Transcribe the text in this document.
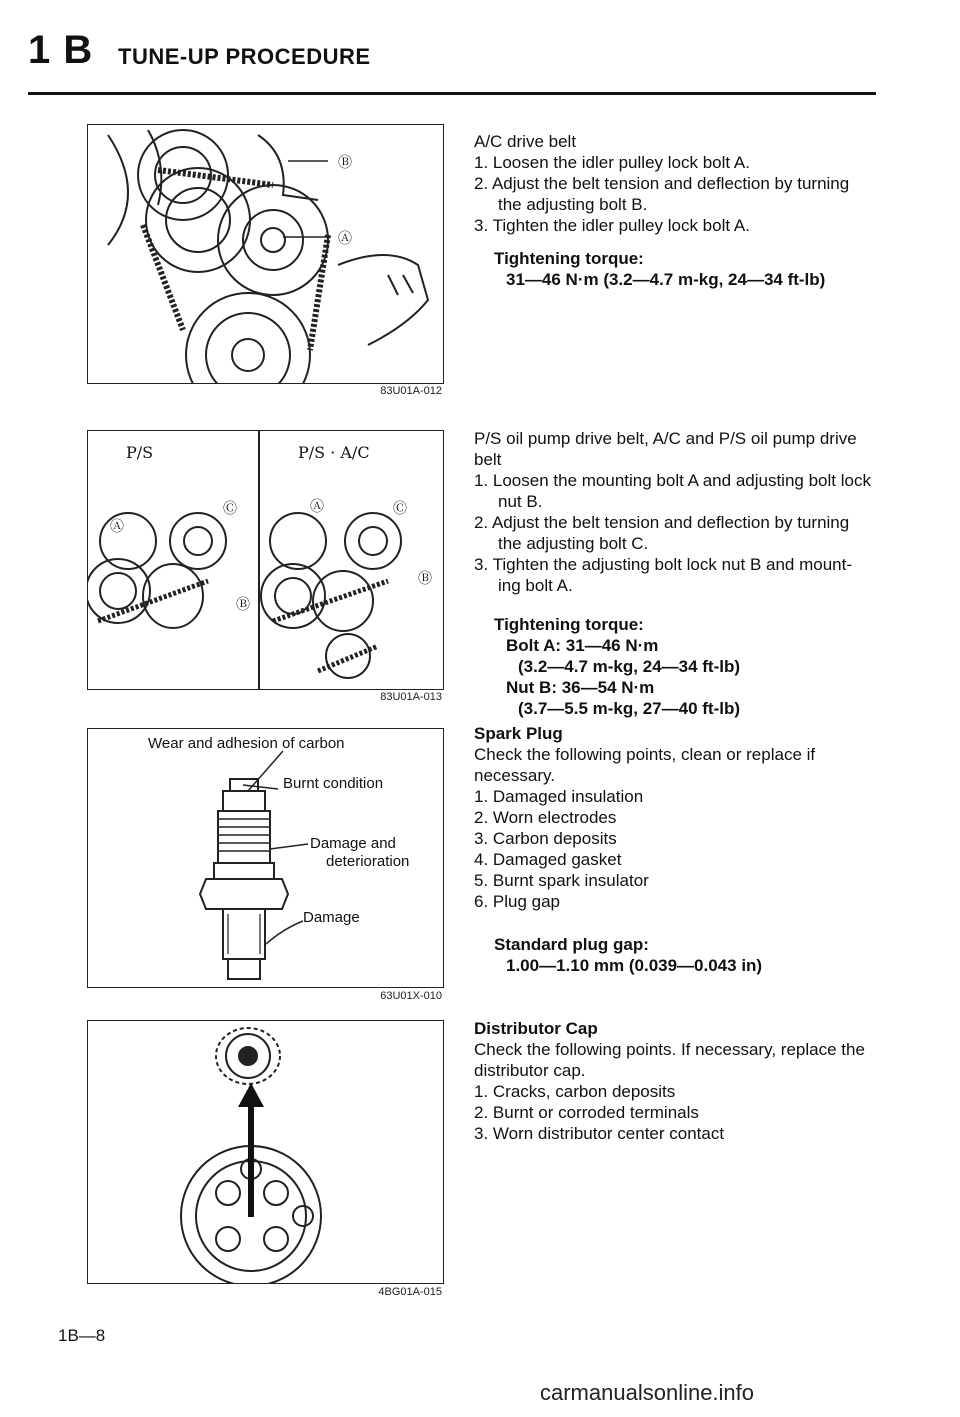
1 B TUNE-UP PROCEDURE
Ⓑ
Ⓐ
83U01A-012
P/S	P/S · A/C
Ⓐ
Ⓒ
Ⓑ
Ⓐ	Ⓒ
Ⓑ
83U01A-013
Wear and adhesion of carbon
Burnt condition
Damage and
deterioration
Damage
63U01X-010
4BG01A-015
A/C drive belt
1. Loosen the idler pulley lock bolt A.
2. Adjust the belt tension and deflection by turning
the adjusting bolt B.
3. Tighten the idler pulley lock bolt A.
Tightening torque:
31—46 N·m (3.2—4.7 m-kg, 24—34 ft-lb)
P/S oil pump drive belt, A/C and P/S oil pump drive
belt
1. Loosen the mounting bolt A and adjusting bolt lock
nut B.
2. Adjust the belt tension and deflection by turning
the adjusting bolt C.
3. Tighten the adjusting bolt lock nut B and mount-
ing bolt A.
Tightening torque:
Bolt A: 31—46 N·m
(3.2—4.7 m-kg, 24—34 ft-lb)
Nut B: 36—54 N·m
(3.7—5.5 m-kg, 27—40 ft-lb)
Spark Plug
Check the following points, clean or replace if
necessary.
1. Damaged insulation
2. Worn electrodes
3. Carbon deposits
4. Damaged gasket
5. Burnt spark insulator
6. Plug gap
Standard plug gap:
1.00—1.10 mm (0.039—0.043 in)
Distributor Cap
Check the following points. If necessary, replace the
distributor cap.
1. Cracks, carbon deposits
2. Burnt or corroded terminals
3. Worn distributor center contact
1B—8
carmanualsonline.info
